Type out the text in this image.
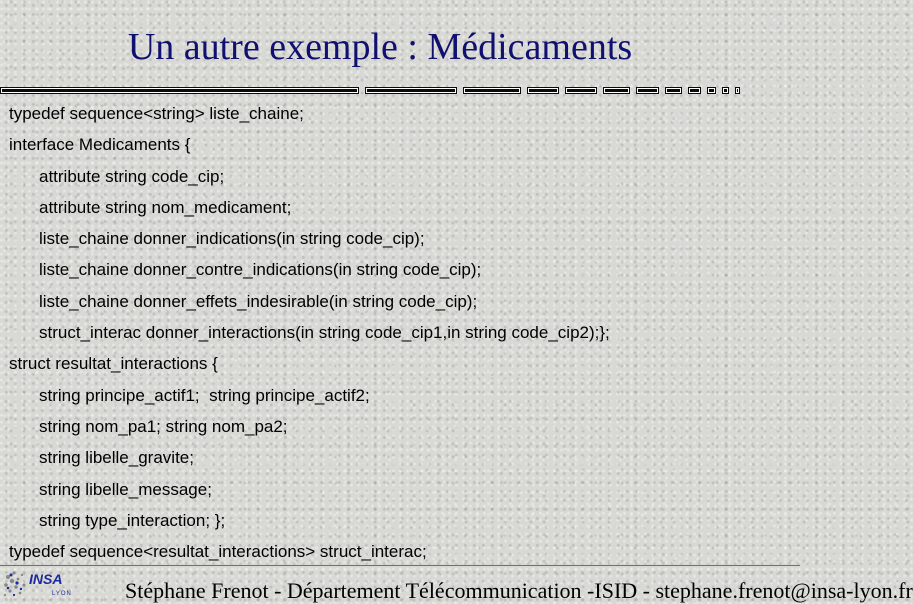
Un autre exemple : Médicaments
typedef sequence<string> liste_chaine;
interface Medicaments {
attribute string code_cip;
attribute string nom_medicament;
liste_chaine donner_indications(in string code_cip);
liste_chaine donner_contre_indications(in string code_cip);
liste_chaine donner_effets_indesirable(in string code_cip);
struct_interac donner_interactions(in string code_cip1,in string code_cip2);};
struct resultat_interactions {
string principe_actif1;  string principe_actif2;
string nom_pa1; string nom_pa2;
string libelle_gravite;
string libelle_message;
string type_interaction; };
typedef sequence<resultat_interactions> struct_interac;
INSA
LYON Stéphane Frenot - Département Télécommunication -ISID - stephane.frenot@insa-lyon.fr
